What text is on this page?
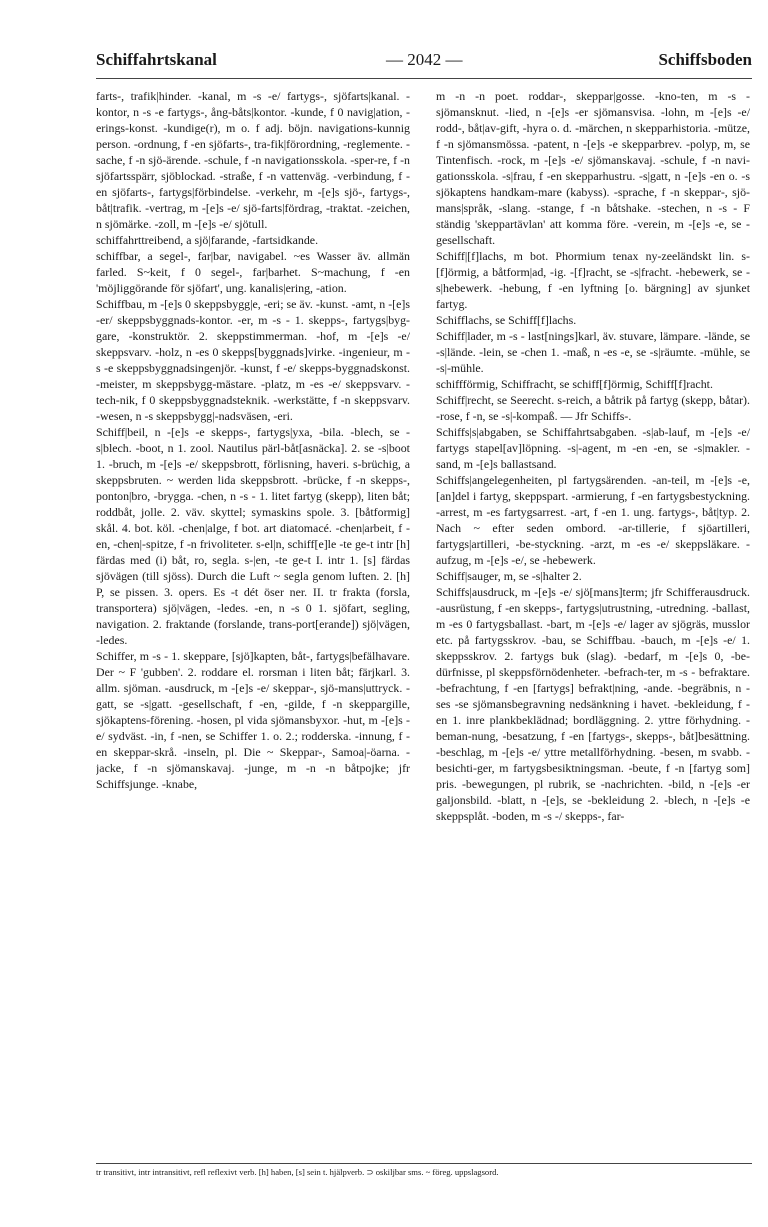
Schiffahrtskanal	— 2042 —	Schiffsboden

farts-, trafik|hinder. -kanal, m -s -e/ fartygs-, sjöfarts|kanal. -kontor, n -s -e fartygs-, ång-båts|kontor. -kunde, f 0 navig|ation, -erings-konst. -kundige(r), m o. f adj. böjn. navigations-kunnig person. -ordnung, f -en sjöfarts-, tra-fik|förordning, -reglemente. -sache, f -n sjö-ärende. -schule, f -n navigationsskola. -sper-re, f -n sjöfartsspärr, sjöblockad. -straße, f -n vattenväg. -verbindung, f -en sjöfarts-, fartygs|förbindelse. -verkehr, m -[e]s sjö-, fartygs-, båt|trafik. -vertrag, m -[e]s -e/ sjö-farts|fördrag, -traktat. -zeichen, n sjömärke. -zoll, m -[e]s -e/ sjötull.

schiffahrttreibend, a sjö|farande, -fartsidkande.

schiffbar, a segel-, far|bar, navigabel. ~es Wasser äv. allmän farled. S~keit, f 0 segel-, far|barhet. S~machung, f -en 'möjliggörande för sjöfart', ung. kanalis|ering, -ation.

Schiffbau, m -[e]s 0 skeppsbygg|e, -eri; se äv. -kunst. -amt, n -[e]s -er/ skeppsbyggnads-kontor. -er, m -s - 1. skepps-, fartygs|byg-gare, -konstruktör. 2. skeppstimmerman. -hof, m -[e]s -e/ skeppsvarv. -holz, n -es 0 skepps[byggnads]virke. -ingenieur, m -s -e skeppsbyggnadsingenjör. -kunst, f -e/ skepps-byggnadskonst. -meister, m skeppsbygg-mästare. -platz, m -es -e/ skeppsvarv. -tech-nik, f 0 skeppsbyggnadsteknik. -werkstätte, f -n skeppsvarv. -wesen, n -s skeppsbygg|-nadsväsen, -eri.

Schiff|beil, n -[e]s -e skepps-, fartygs|yxa, -bila. -blech, se -s|blech. -boot, n 1. zool. Nautilus pärl-båt[asnäcka]. 2. se -s|boot 1. -bruch, m -[e]s -e/ skeppsbrott, förlisning, haveri. s-brüchig, a skeppsbruten. ~ werden lida skeppsbrott. -brücke, f -n skepps-, ponton|bro, -brygga. -chen, n -s - 1. litet fartyg (skepp), liten båt; roddbåt, jolle. 2. väv. skyttel; symaskins spole. 3. [båtformig] skål. 4. bot. köl. -chen|alge, f bot. art diatomacé. -chen|arbeit, f -en, -chen|-spitze, f -n frivoliteter. s-el|n, schiff[e]le -te ge-t intr [h] färdas med (i) båt, ro, segla. s-|en, -te ge-t I. intr 1. [s] färdas sjövägen (till sjöss). Durch die Luft ~ segla genom luften. 2. [h] P, se pissen. 3. opers. Es -t dét öser ner. II. tr frakta (forsla, transportera) sjö|vägen, -ledes. -en, n -s 0 1. sjöfart, segling, navigation. 2. fraktande (forslande, trans-port[erande]) sjö|vägen, -ledes.

Schiffer, m -s - 1. skeppare, [sjö]kapten, båt-, fartygs|befälhavare. Der ~ F 'gubben'. 2. roddare el. rorsman i liten båt; färjkarl. 3. allm. sjöman. -ausdruck, m -[e]s -e/ skeppar-, sjö-mans|uttryck. -gatt, se -s|gatt. -gesellschaft, f -en, -gilde, f -n skeppargille, sjökaptens-förening. -hosen, pl vida sjömansbyxor. -hut, m -[e]s -e/ sydväst. -in, f -nen, se Schiffer 1. o. 2.; rodderska. -innung, f -en skeppar-skrå. -inseln, pl. Die ~ Skeppar-, Samoa|-öarna. -jacke, f -n sjömanskavaj. -junge, m -n -n båtpojke; jfr Schiffsjunge. -knabe,

m -n -n poet. roddar-, skeppar|gosse. -kno-ten, m -s - sjömansknut. -lied, n -[e]s -er sjömansvisa. -lohn, m -[e]s -e/ rodd-, båt|av-gift, -hyra o. d. -märchen, n skepparhistoria. -mütze, f -n sjömansmössa. -patent, n -[e]s -e skepparbrev. -polyp, m, se Tintenfisch. -rock, m -[e]s -e/ sjömanskavaj. -schule, f -n navi-gationsskola. -s|frau, f -en skepparhustru. -s|gatt, n -[e]s -en o. -s sjökaptens handkam-mare (kabyss). -sprache, f -n skeppar-, sjö-mans|språk, -slang. -stange, f -n båtshake. -stechen, n -s - F ständig 'skeppartävlan' att komma före. -verein, m -[e]s -e, se -gesellschaft.

Schiff|[f]lachs, m bot. Phormium tenax ny-zeeländskt lin. s-[f]örmig, a båtform|ad, -ig. -[f]racht, se -s|fracht. -hebewerk, se -s|hebewerk. -hebung, f -en lyftning [o. bärgning] av sjunket fartyg.

Schifflachs, se Schiff[f]lachs.

Schiff|lader, m -s - last[nings]karl, äv. stuvare, lämpare. -lände, se -s|lände. -lein, se -chen 1. -maß, n -es -e, se -s|räumte. -mühle, se -s|-mühle.

schiffförmig, Schiffracht, se schiff[f]örmig, Schiff[f]racht.

Schiff|recht, se Seerecht. s-reich, a båtrik på fartyg (skepp, båtar). -rose, f -n, se -s|-kompaß. — Jfr Schiffs-.

Schiffs|s|abgaben, se Schiffahrtsabgaben. -s|ab-lauf, m -[e]s -e/ fartygs stapel[av]löpning. -s|-agent, m -en -en, se -s|makler. -sand, m -[e]s ballastsand.

Schiffs|angelegenheiten, pl fartygsärenden. -an-teil, m -[e]s -e, [an]del i fartyg, skeppspart. -armierung, f -en fartygsbestyckning. -arrest, m -es fartygsarrest. -art, f -en 1. ung. fartygs-, båt|typ. 2. Nach ~ efter seden ombord. -ar-tillerie, f sjöartilleri, fartygs|artilleri, -be-styckning. -arzt, m -es -e/ skeppsläkare. -aufzug, m -[e]s -e/, se -hebewerk.

Schiff|sauger, m, se -s|halter 2.

Schiffs|ausdruck, m -[e]s -e/ sjö[mans]term; jfr Schifferausdruck. -ausrüstung, f -en skepps-, fartygs|utrustning, -utredning. -ballast, m -es 0 fartygsballast. -bart, m -[e]s -e/ lager av sjögräs, musslor etc. på fartygsskrov. -bau, se Schiffbau. -bauch, m -[e]s -e/ 1. skeppsskrov. 2. fartygs buk (slag). -bedarf, m -[e]s 0, -be-dürfnisse, pl skeppsförnödenheter. -befrach-ter, m -s - befraktare. -befrachtung, f -en [fartygs] befrakt|ning, -ande. -begräbnis, n -ses -se sjömansbegravning nedsänkning i havet. -bekleidung, f -en 1. inre plankbeklädnad; bordläggning. 2. yttre förhydning. -beman-nung, -besatzung, f -en [fartygs-, skepps-, båt]besättning. -beschlag, m -[e]s -e/ yttre metallförhydning. -besen, m svabb. -besichti-ger, m fartygsbesiktningsman. -beute, f -n [fartyg som] pris. -bewegungen, pl rubrik, se -nachrichten. -bild, n -[e]s -er galjonsbild. -blatt, n -[e]s, se -bekleidung 2. -blech, n -[e]s -e skeppsplåt. -boden, m -s -/ skepps-, far-

tr transitivt, intr intransitivt, refl reflexivt verb. [h] haben, [s] sein t. hjälpverb. ⊃ oskiljbar sms. ~ föreg. uppslagsord.
